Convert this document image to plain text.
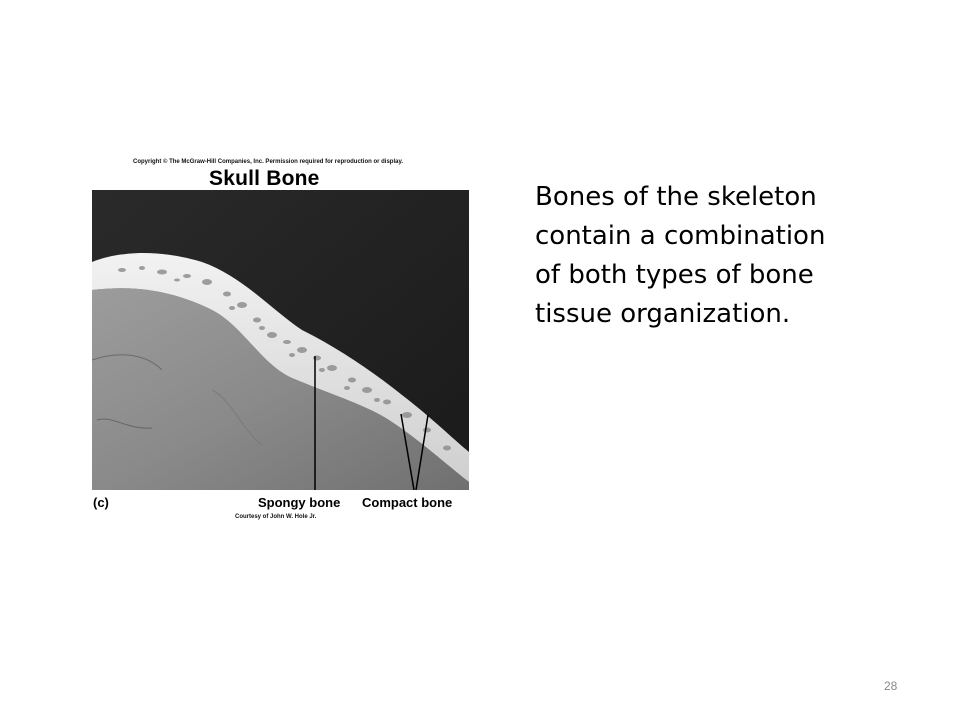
Copyright © The McGraw-Hill Companies, Inc. Permission required for reproduction or display.
Skull Bone
(c)	Spongy bone Compact bone
Courtesy of John W. Hole Jr.
Bones of the skeleton
contain a combination
of both types of bone
tissue organization.
28
